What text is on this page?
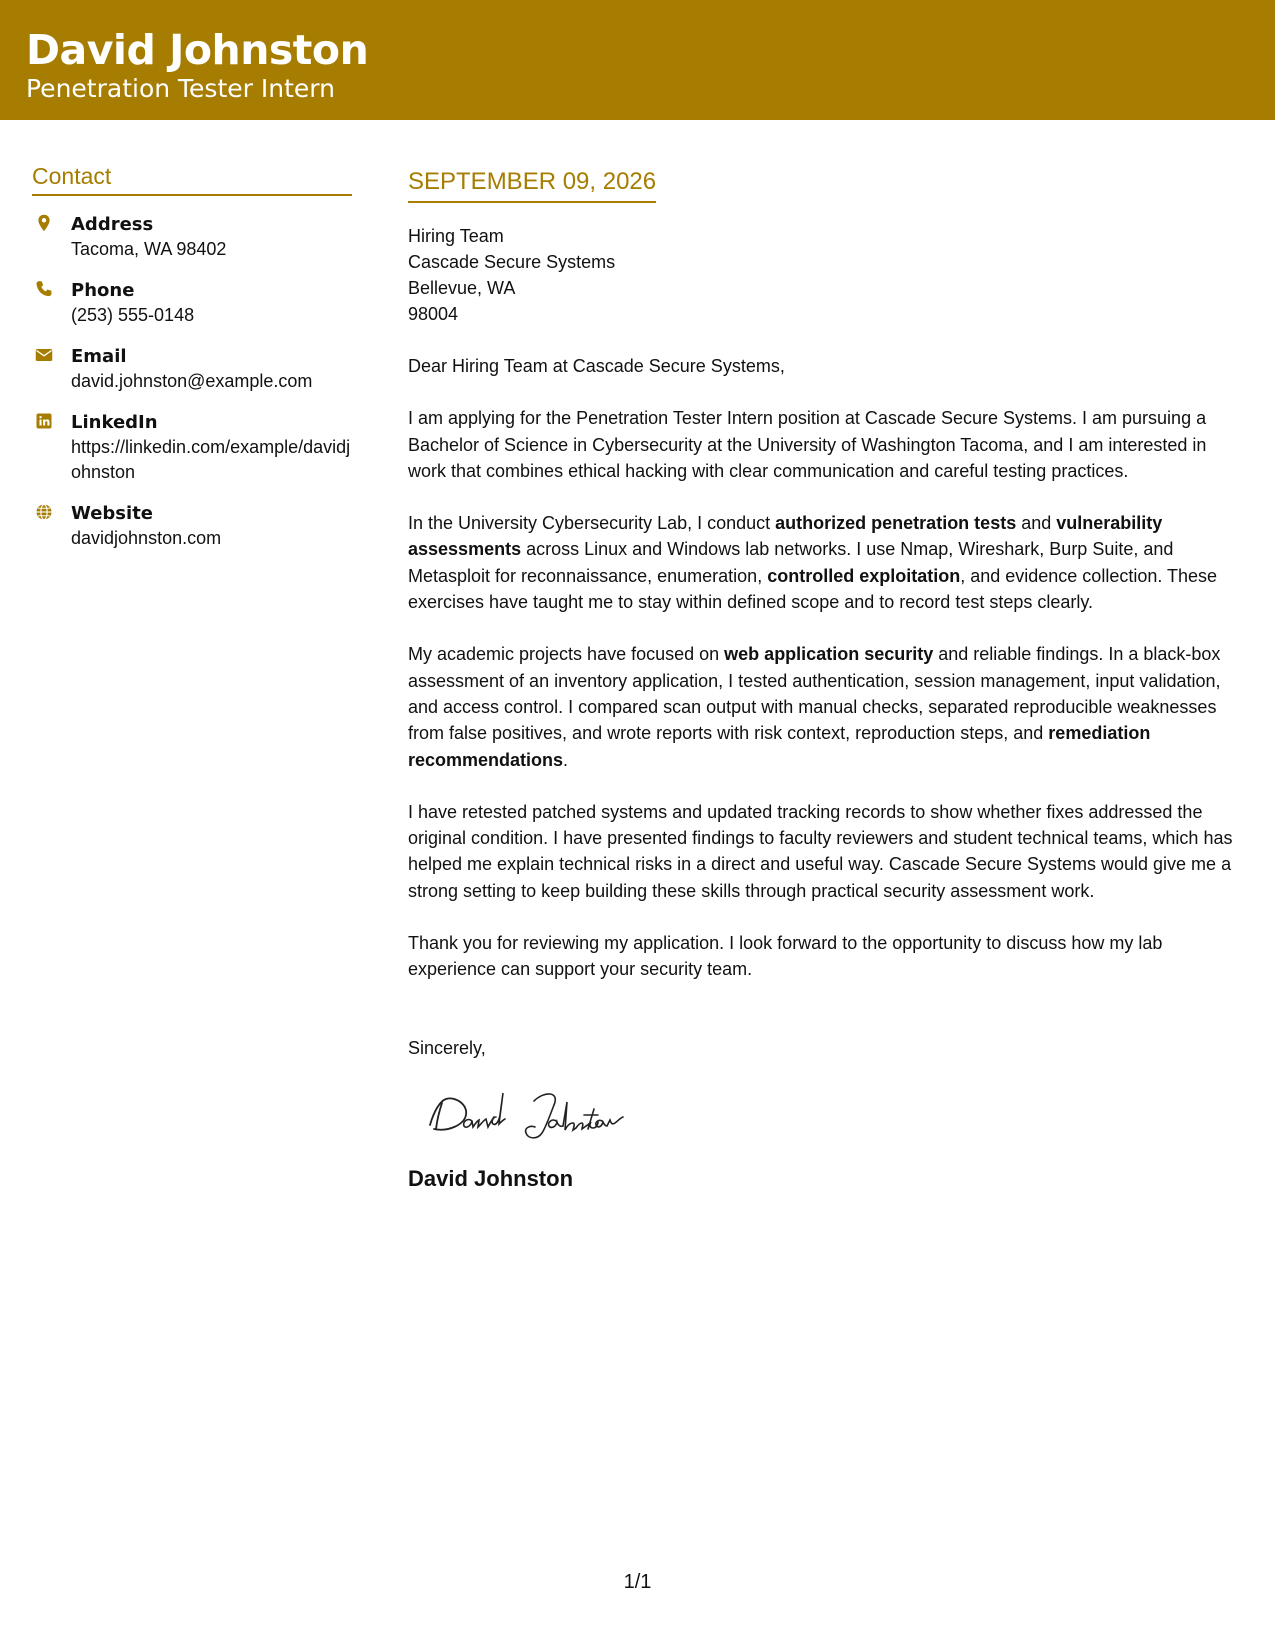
David Johnston
Penetration Tester Intern
Contact
Address
Tacoma, WA 98402
Phone
(253) 555-0148
Email
david.johnston@example.com
LinkedIn
https://linkedin.com/example/davidjohnston
Website
davidjohnston.com
SEPTEMBER 09, 2026
Hiring Team
Cascade Secure Systems
Bellevue, WA
98004
Dear Hiring Team at Cascade Secure Systems,
I am applying for the Penetration Tester Intern position at Cascade Secure Systems. I am pursuing a Bachelor of Science in Cybersecurity at the University of Washington Tacoma, and I am interested in work that combines ethical hacking with clear communication and careful testing practices.
In the University Cybersecurity Lab, I conduct authorized penetration tests and vulnerability assessments across Linux and Windows lab networks. I use Nmap, Wireshark, Burp Suite, and Metasploit for reconnaissance, enumeration, controlled exploitation, and evidence collection. These exercises have taught me to stay within defined scope and to record test steps clearly.
My academic projects have focused on web application security and reliable findings. In a black-box assessment of an inventory application, I tested authentication, session management, input validation, and access control. I compared scan output with manual checks, separated reproducible weaknesses from false positives, and wrote reports with risk context, reproduction steps, and remediation recommendations.
I have retested patched systems and updated tracking records to show whether fixes addressed the original condition. I have presented findings to faculty reviewers and student technical teams, which has helped me explain technical risks in a direct and useful way. Cascade Secure Systems would give me a strong setting to keep building these skills through practical security assessment work.
Thank you for reviewing my application. I look forward to the opportunity to discuss how my lab experience can support your security team.
Sincerely,
David Johnston
1/1
